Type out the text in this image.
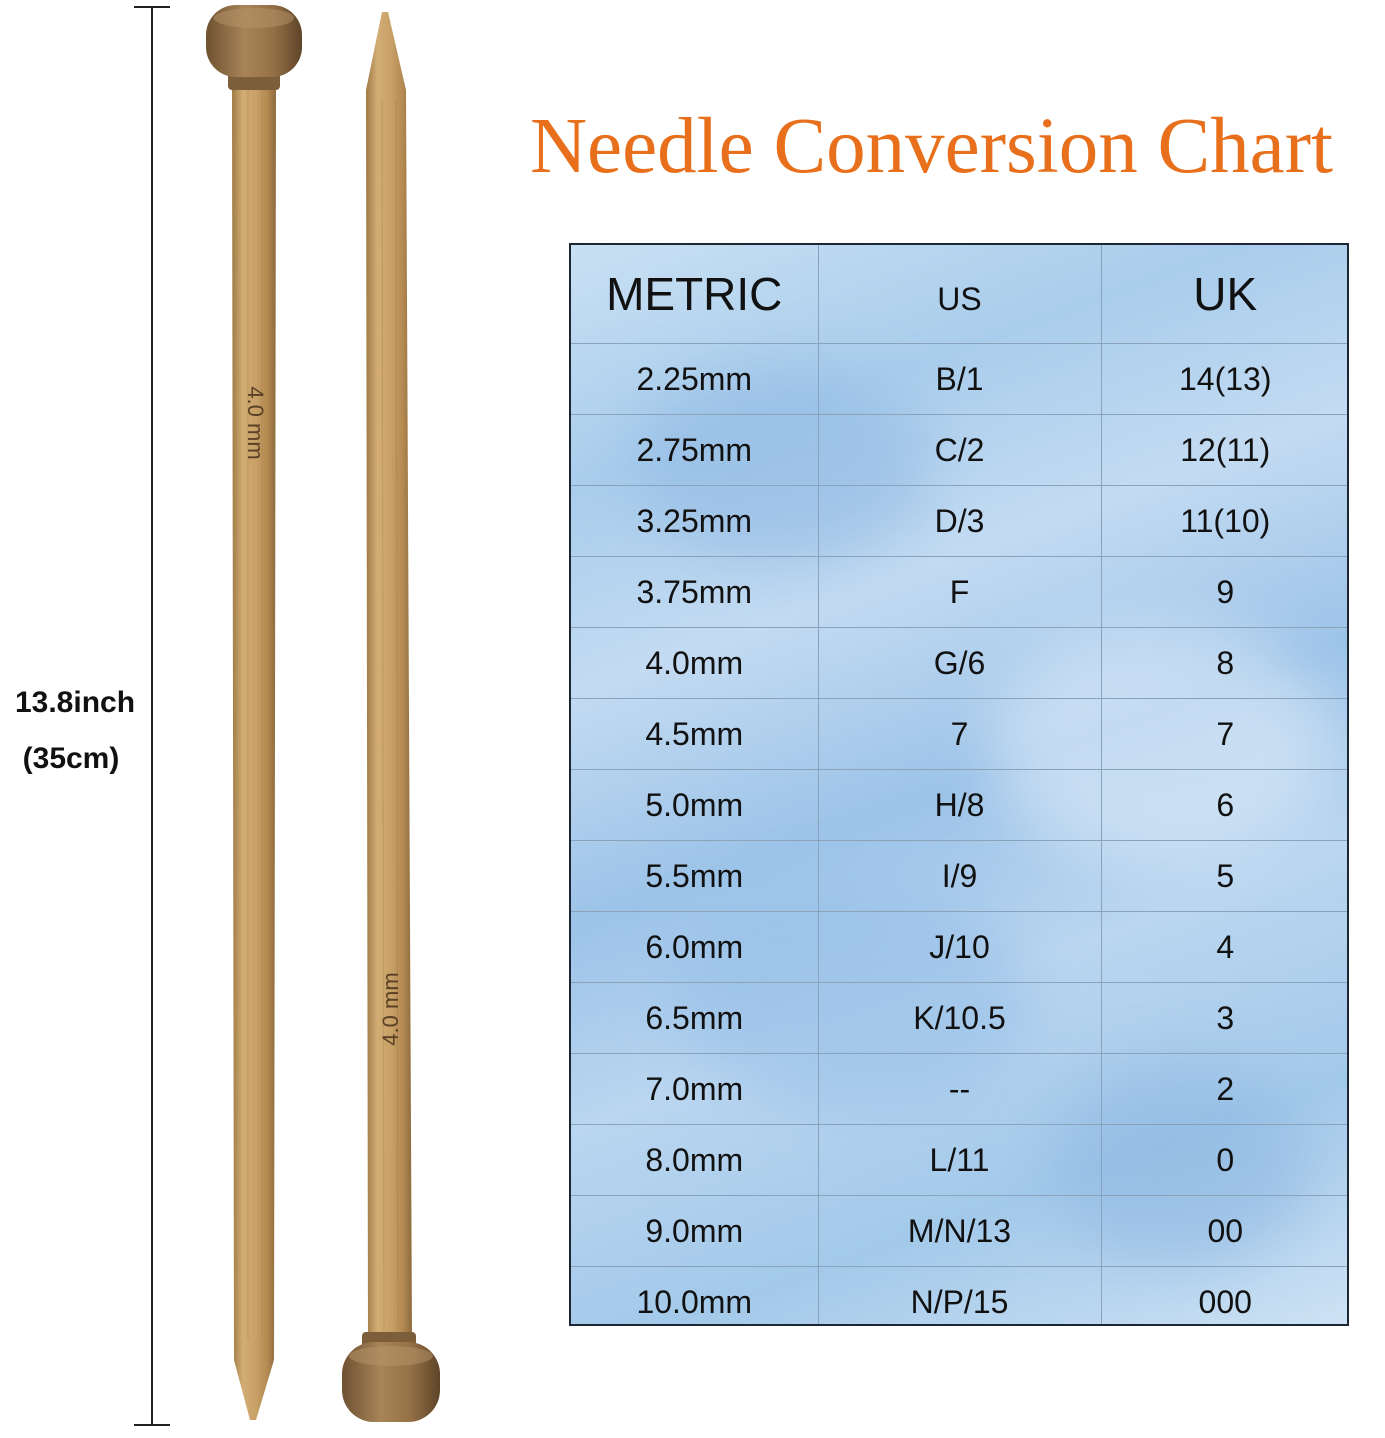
13.8inch
(35cm)
4.0 mm
4.0 mm
Needle Conversion Chart
METRIC	US	UK
2.25mm	B/1	14(13)
2.75mm	C/2	12(11)
3.25mm	D/3	11(10)
3.75mm	F	9
4.0mm	G/6	8
4.5mm	7	7
5.0mm	H/8	6
5.5mm	I/9	5
6.0mm	J/10	4
6.5mm	K/10.5	3
7.0mm	--	2
8.0mm	L/11	0
9.0mm	M/N/13	00
10.0mm	N/P/15	000
